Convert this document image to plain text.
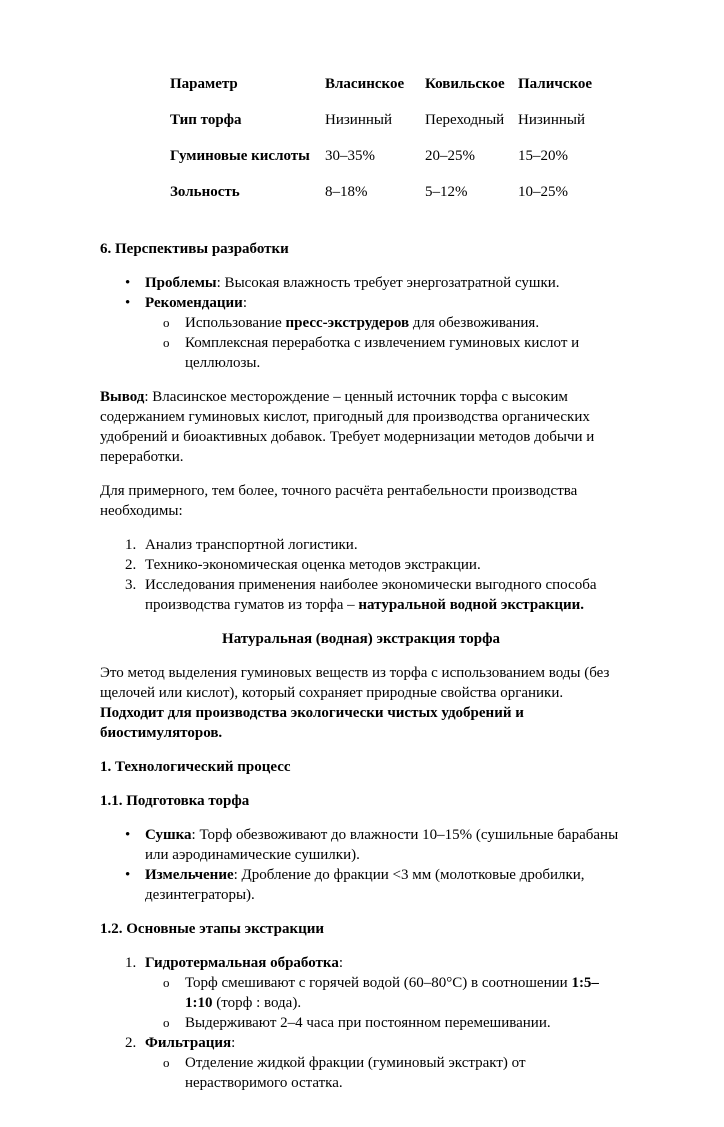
Параметр	Власинское	Ковильское	Паличское
Тип торфа	Низинный	Переходный	Низинный
Гуминовые кислоты	30–35%	20–25%	15–20%
Зольность	8–18%	5–12%	10–25%
6. Перспективы разработки
• Проблемы: Высокая влажность требует энергозатратной сушки.
• Рекомендации:
o	Использование пресс-экструдеров для обезвоживания.
o	Комплексная переработка с извлечением гуминовых кислот и целлюлозы.

Вывод: Власинское месторождение – ценный источник торфа с высоким содержанием гуминовых кислот, пригодный для производства органических удобрений и биоактивных добавок. Требует модернизации методов добычи и переработки.

Для примерного, тем более, точного расчёта рентабельности производства необходимы:

1. Анализ транспортной логистики.
2. Технико-экономическая оценка методов экстракции.
3. Исследования применения наиболее экономически выгодного способа производства гуматов из торфа – натуральной водной экстракции.
Натуральная (водная) экстракция торфа

Это метод выделения гуминовых веществ из торфа с использованием воды (без щелочей или кислот), который сохраняет природные свойства органики. Подходит для производства экологически чистых удобрений и биостимуляторов.

1. Технологический процесс
1.1. Подготовка торфа
• Сушка: Торф обезвоживают до влажности 10–15% (сушильные барабаны или аэродинамические сушилки).
• Измельчение: Дробление до фракции <3 мм (молотковые дробилки, дезинтеграторы).
1.2. Основные этапы экстракции
1. Гидротермальная обработка:
o	Торф смешивают с горячей водой (60–80°C) в соотношении 1:5–1:10 (торф : вода).
o	Выдерживают 2–4 часа при постоянном перемешивании.
2. Фильтрация:
o	Отделение жидкой фракции (гуминовый экстракт) от нерастворимого остатка.
